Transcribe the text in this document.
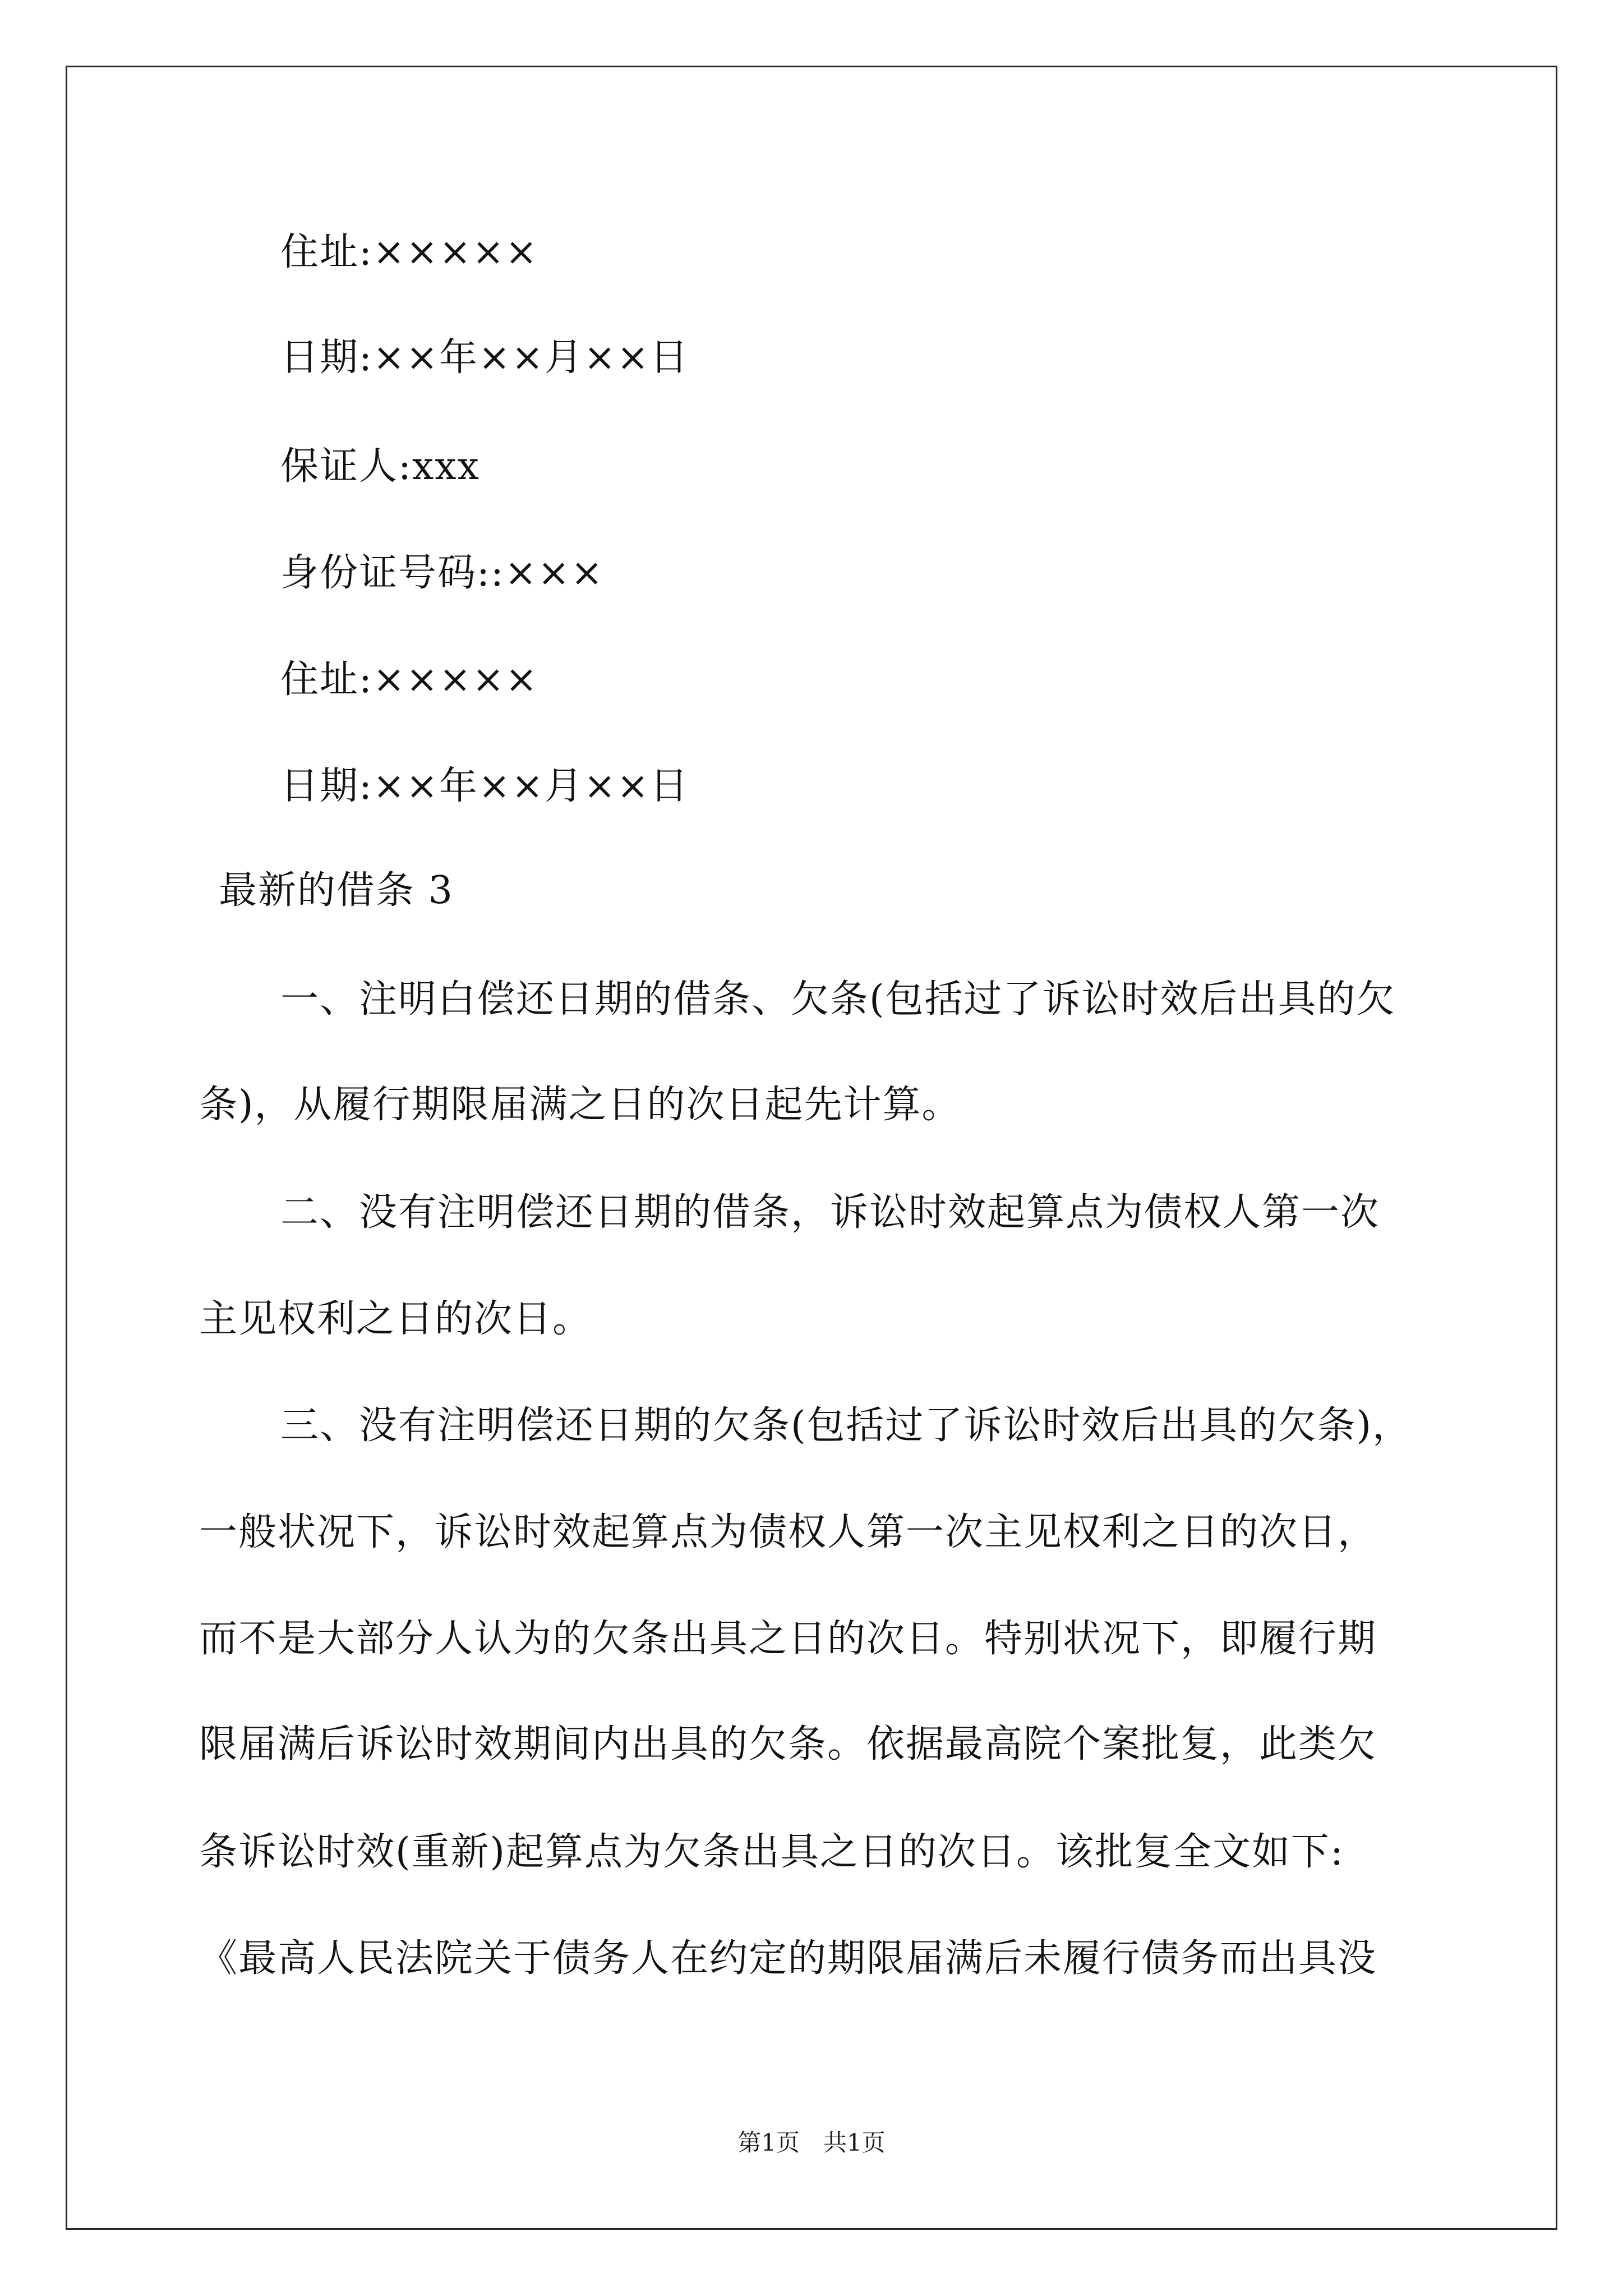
住址:×××××
日期:××年××月××日
保证人:xxx
身份证号码::×××
住址:×××××
日期:××年××月××日
最新的借条 3
一、注明白偿还日期的借条、欠条(包括过了诉讼时效后出具的欠
条)，从履行期限届满之日的次日起先计算。
二、没有注明偿还日期的借条，诉讼时效起算点为债权人第一次
主见权利之日的次日。
三、没有注明偿还日期的欠条(包括过了诉讼时效后出具的欠条)，
一般状况下，诉讼时效起算点为债权人第一次主见权利之日的次日，
而不是大部分人认为的欠条出具之日的次日。特别状况下，即履行期
限届满后诉讼时效期间内出具的欠条。依据最高院个案批复，此类欠
条诉讼时效(重新)起算点为欠条出具之日的次日。该批复全文如下:
《最高人民法院关于债务人在约定的期限届满后未履行债务而出具没
第1页　共1页
